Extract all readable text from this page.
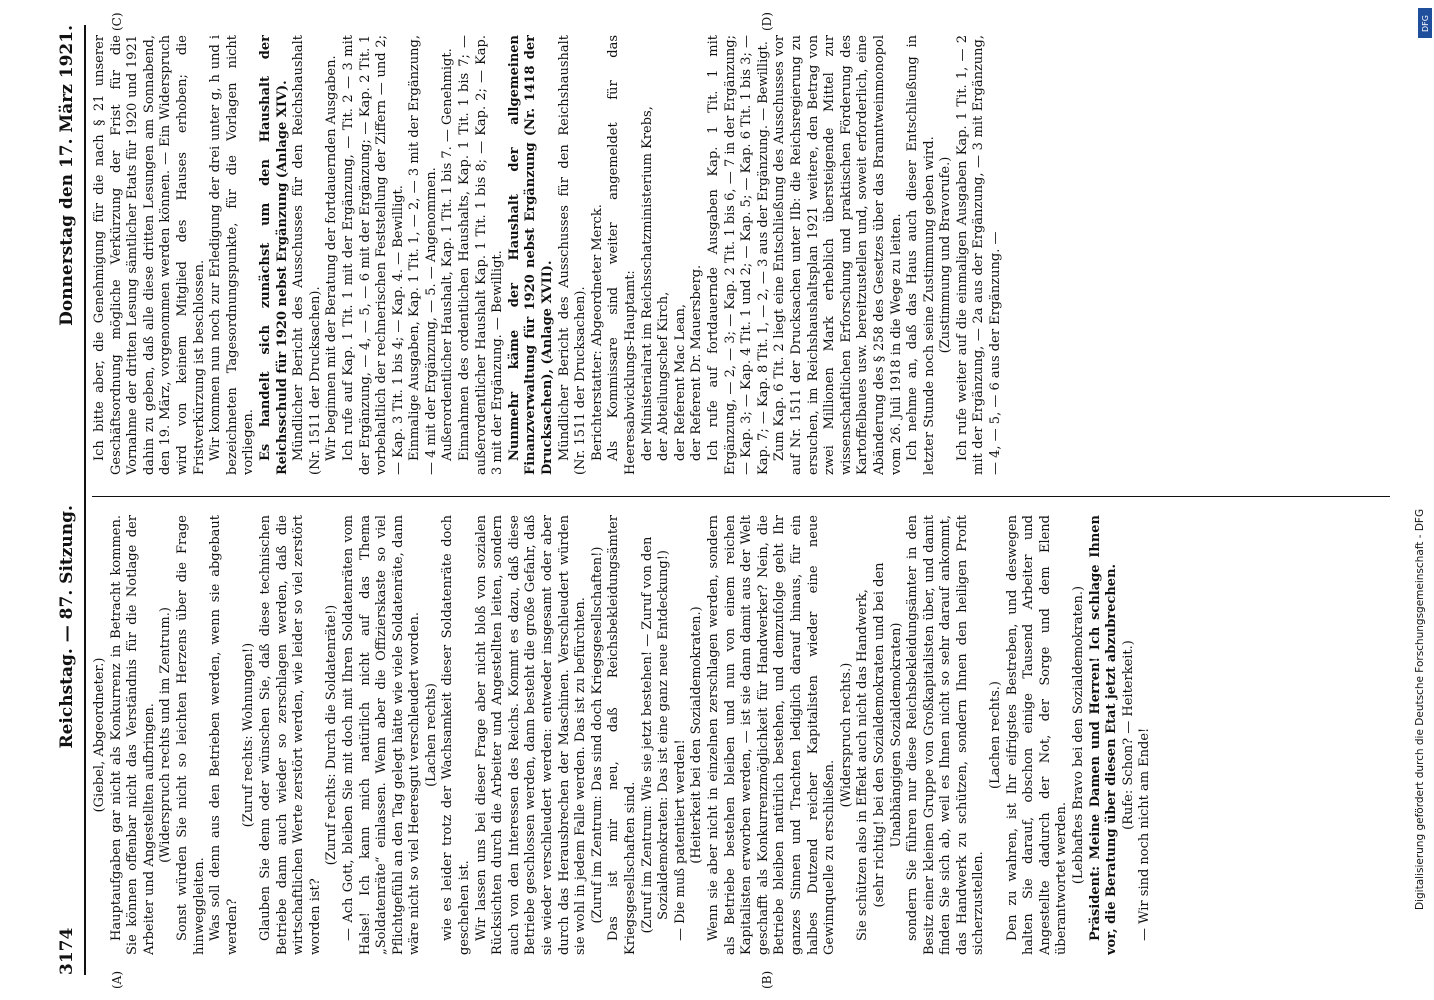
3174
Reichstag. — 87. Sitzung.
Donnerstag den 17. März 1921.
(A)	(B)
(C)	(D)

(Giebel, Abgeordneter.) Hauptaufgaben gar nicht als Konkurrenz in Betracht kommen. Sie können offenbar nicht das Verständnis für die Notlage der Arbeiter und Angestellten aufbringen. (Widerspruch rechts und im Zentrum.) Sonst würden Sie nicht so leichten Herzens über die Frage hinweggleiten. Was soll denn aus den Betrieben werden, wenn sie abgebaut werden?

(Zuruf rechts: Wohnungen!) Glauben Sie denn oder wünschen Sie, daß diese technischen Betriebe dann auch wieder so zerschlagen werden, daß die wirtschaftlichen Werte zerstört werden, wie leider so viel zerstört worden ist?

(Zuruf rechts: Durch die Soldatenräte!) — Ach Gott, bleiben Sie mit doch mit Ihren Soldatenräten vom Halse! Ich kann mich natürlich nicht auf das Thema „Soldatenräte“ einlassen. Wenn aber die Offizierskaste so viel Pflichtgefühl an den Tag gelegt hätte wie viele Soldatenräte, dann wäre nicht so viel Heeresgut verschleudert worden. (Lachen rechts) wie es leider trotz der Wachsamkeit dieser Soldatenräte doch geschehen ist. Wir lassen uns bei dieser Frage aber nicht bloß von sozialen Rücksichten durch die Arbeiter und Angestellten leiten, sondern auch von den Interessen des Reichs. Kommt es dazu, daß diese Betriebe geschlossen werden, dann besteht die große Gefahr, daß sie wieder verschleudert werden: entweder insgesamt oder aber durch das Herausbrechen der Maschinen. Verschleudert würden sie wohl in jedem Falle werden. Das ist zu befürchten. (Zuruf im Zentrum: Das sind doch Kriegsgesellschaften!) Das ist mir neu, daß Reichsbekleidungsämter Kriegsgesellschaften sind. (Zuruf im Zentrum: Wie sie jetzt bestehen! — Zuruf von den Sozialdemokraten: Das ist eine ganz neue Entdeckung!) — Die muß patentiert werden! (Heiterkeit bei den Sozialdemokraten.) Wenn sie aber nicht in einzelnen zerschlagen werden, sondern als Betriebe bestehen bleiben und nun von einem reichen Kapitalisten erworben werden, — ist sie dann damit aus der Welt geschafft als Konkurrenzmöglichkeit für Handwerker? Nein, die Betriebe bleiben natürlich bestehen, und demzufolge geht Ihr ganzes Sinnen und Trachten lediglich darauf hinaus, für ein halbes Dutzend reicher Kapitalisten wieder eine neue Gewinnquelle zu erschließen.

(Widerspruch rechts.) Sie schützen also in Effekt auch nicht das Handwerk, (sehr richtig! bei den Sozialdemokraten und bei den Unabhängigen Sozialdemokraten) sondern Sie führen nur diese Reichsbekleidungsämter in den Besitz einer kleinen Gruppe von Großkapitalisten über, und damit finden Sie sich ab, weil es Ihnen nicht so sehr darauf ankommt, das Handwerk zu schützen, sondern Ihnen den heiligen Profit sicherzustellen.

(Lachen rechts.) Den zu wahren, ist Ihr eifrigstes Bestreben, und deswegen halten Sie darauf, obschon einige Tausend Arbeiter und Angestellte dadurch der Not, der Sorge und dem Elend überantwortet werden. (Lebhaftes Bravo bei den Sozialdemokraten.) Präsident: Meine Damen und Herren! Ich schlage Ihnen vor, die Beratung über diesen Etat jetzt abzubrechen. (Rufe: Schon? — Heiterkeit.) — Wir sind noch nicht am Ende!

Ich bitte aber, die Genehmigung für die nach § 21 unserer Geschäftsordnung mögliche Verkürzung der Frist für die Vornahme der dritten Lesung sämtlicher Etats für 1920 und 1921 dahin zu geben, daß alle diese dritten Lesungen am Sonnabend, den 19. März, vorgenommen werden können. — Ein Widerspruch wird von keinem Mitglied des Hauses erhoben; die Fristverkürzung ist beschlossen. Wir kommen nun noch zur Erledigung der drei unter g, h und i bezeichneten Tagesordnungspunkte, für die Vorlagen nicht vorliegen. Es handelt sich zunächst um den Haushalt der Reichsschuld für 1920 nebst Ergänzung (Anlage XIV). Mündlicher Bericht des Ausschusses für den Reichshaushalt (Nr. 1511 der Drucksachen). Wir beginnen mit der Beratung der fortdauernden Ausgaben. Ich rufe auf Kap. 1 Tit. 1 mit der Ergänzung, — Tit. 2 — 3 mit der Ergänzung, — 4, — 5, — 6 mit der Ergänzung; — Kap. 2 Tit. 1 vorbehaltlich der rechnerischen Feststellung der Ziffern — und 2; — Kap. 3 Tit. 1 bis 4; — Kap. 4. — Bewilligt. Einmalige Ausgaben, Kap. 1 Tit. 1, — 2, — 3 mit der Ergänzung, — 4 mit der Ergänzung, — 5. — Angenommen. Außerordentlicher Haushalt, Kap. 1 Tit. 1 bis 7. — Genehmigt. Einnahmen des ordentlichen Haushalts, Kap. 1 Tit. 1 bis 7; — außerordentlicher Haushalt Kap. 1 Tit. 1 bis 8; — Kap. 2; — Kap. 3 mit der Ergänzung. — Bewilligt. Nunmehr käme der Haushalt der allgemeinen Finanzverwaltung für 1920 nebst Ergänzung (Nr. 1418 der Drucksachen), (Anlage XVII). Mündlicher Bericht des Ausschusses für den Reichshaushalt (Nr. 1511 der Drucksachen). Berichterstatter: Abgeordneter Merck. Als Kommissare sind weiter angemeldet für das Heeresabwicklungs-Hauptamt: der Ministerialrat im Reichsschatzministerium Krebs, der Abteilungschef Kirch, der Referent Mac Lean, der Referent Dr. Mauersberg. Ich rufe auf fortdauernde Ausgaben Kap. 1 Tit. 1 mit Ergänzung, — 2, — 3; — Kap. 2 Tit. 1 bis 6, — 7 in der Ergänzung; — Kap. 3; — Kap. 4 Tit. 1 und 2; — Kap. 5; — Kap. 6 Tit. 1 bis 3; — Kap. 7; — Kap. 8 Tit. 1, — 2, — 3 aus der Ergänzung. — Bewilligt. Zum Kap. 6 Tit. 2 liegt eine Entschließung des Ausschusses vor auf Nr. 1511 der Drucksachen unter IIb: die Reichsregierung zu ersuchen, im Reichshaushaltsplan 1921 weitere, den Betrag von zwei Millionen Mark erheblich übersteigende Mittel zur wissenschaftlichen Erforschung und praktischen Förderung des Kartoffelbaues usw. bereitzustellen und, soweit erforderlich, eine Abänderung des § 258 des Gesetzes über das Branntweinmonopol vom 26. Juli 1918 in die Wege zu leiten. Ich nehme an, daß das Haus auch dieser Entschließung in letzter Stunde noch seine Zustimmung geben wird. (Zustimmung und Bravorufe.) Ich rufe weiter auf die einmaligen Ausgaben Kap. 1 Tit. 1, — 2 mit der Ergänzung, — 2a aus der Ergänzung, — 3 mit Ergänzung, — 4, — 5, — 6 aus der Ergänzung. —

Digitalisierung gefördert durch die Deutsche Forschungsgemeinschaft - DFG
DFG
